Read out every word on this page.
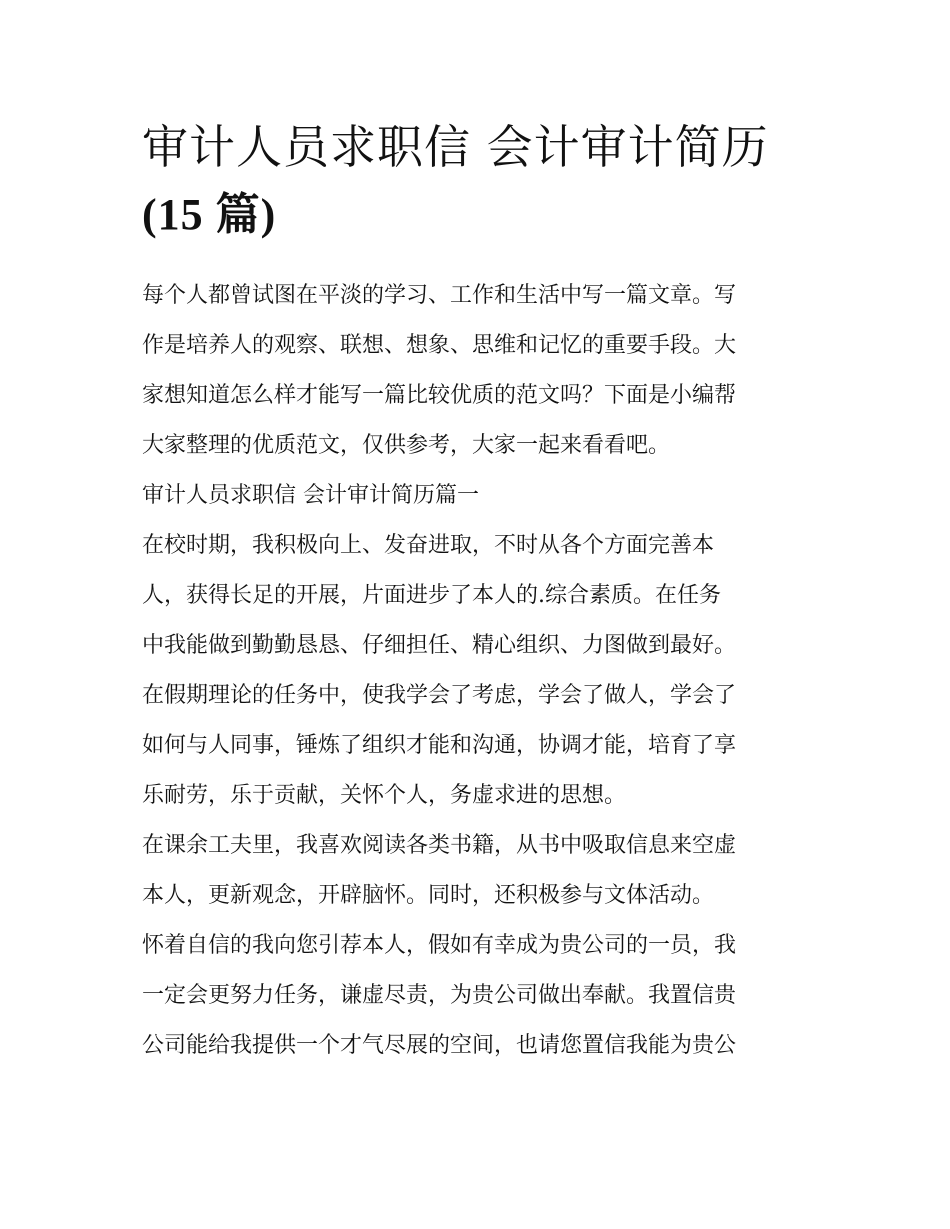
审计人员求职信 会计审计简历
(15 篇)

每个人都曾试图在平淡的学习、工作和生活中写一篇文章。写
作是培养人的观察、联想、想象、思维和记忆的重要手段。大
家想知道怎么样才能写一篇比较优质的范文吗？下面是小编帮
大家整理的优质范文，仅供参考，大家一起来看看吧。

审计人员求职信 会计审计简历篇一

在校时期，我积极向上、发奋进取，不时从各个方面完善本
人，获得长足的开展，片面进步了本人的.综合素质。在任务
中我能做到勤勤恳恳、仔细担任、精心组织、力图做到最好。
在假期理论的任务中，使我学会了考虑，学会了做人，学会了
如何与人同事，锤炼了组织才能和沟通，协调才能，培育了享
乐耐劳，乐于贡献，关怀个人，务虚求进的思想。

在课余工夫里，我喜欢阅读各类书籍，从书中吸取信息来空虚
本人，更新观念，开辟脑怀。同时，还积极参与文体活动。

怀着自信的我向您引荐本人，假如有幸成为贵公司的一员，我
一定会更努力任务，谦虚尽责，为贵公司做出奉献。我置信贵
公司能给我提供一个才气尽展的空间，也请您置信我能为贵公
